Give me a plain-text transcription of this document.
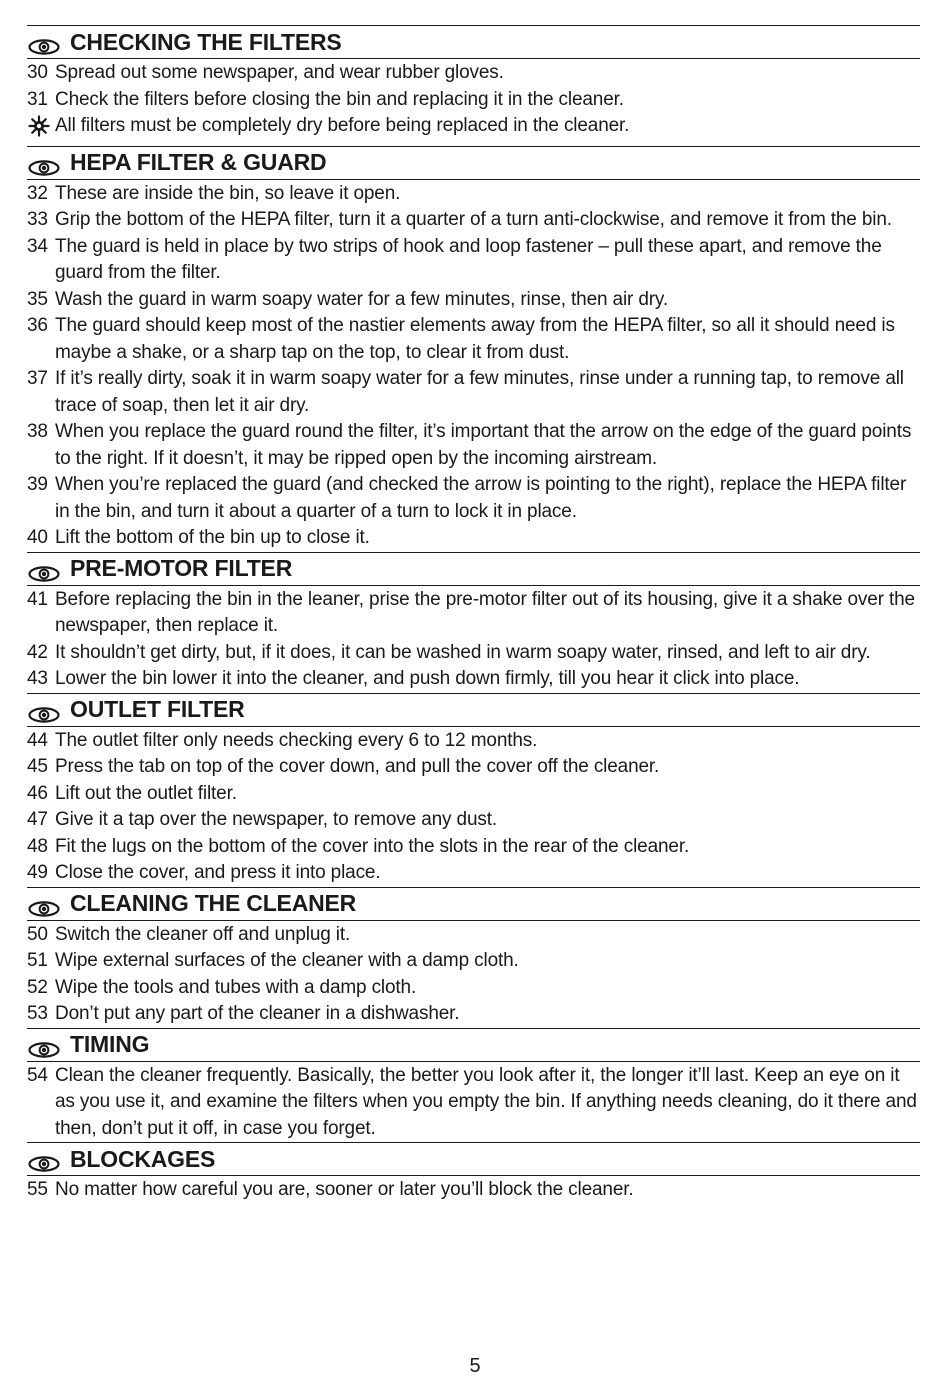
CHECKING THE FILTERS
30 Spread out some newspaper, and wear rubber gloves.
31 Check the filters before closing the bin and replacing it in the cleaner.
All filters must be completely dry before being replaced in the cleaner.
HEPA FILTER & GUARD
32 These are inside the bin, so leave it open.
33 Grip the bottom of the HEPA filter, turn it a quarter of a turn anti-clockwise, and remove it from the bin.
34 The guard is held in place by two strips of hook and loop fastener – pull these apart, and remove the guard from the filter.
35 Wash the guard in warm soapy water for a few minutes, rinse, then air dry.
36 The guard should keep most of the nastier elements away from the HEPA filter, so all it should need is maybe a shake, or a sharp tap on the top, to clear it from dust.
37 If it’s really dirty, soak it in warm soapy water for a few minutes, rinse under a running tap, to remove all trace of soap, then let it air dry.
38 When you replace the guard round the filter, it’s important that the arrow on the edge of the guard points to the right. If it doesn’t, it may be ripped open by the incoming airstream.
39 When you’re replaced the guard (and checked the arrow is pointing to the right), replace the HEPA filter in the bin, and turn it about a quarter of a turn to lock it in place.
40 Lift the bottom of the bin up to close it.
PRE-MOTOR FILTER
41 Before replacing the bin in the leaner, prise the pre-motor filter out of its housing, give it a shake over the newspaper, then replace it.
42 It shouldn’t get dirty, but, if it does, it can be washed in warm soapy water, rinsed, and left to air dry.
43 Lower the bin lower it into the cleaner, and push down firmly, till you hear it click into place.
OUTLET FILTER
44 The outlet filter only needs checking every 6 to 12 months.
45 Press the tab on top of the cover down, and pull the cover off the cleaner.
46 Lift out the outlet filter.
47 Give it a tap over the newspaper, to remove any dust.
48 Fit the lugs on the bottom of the cover into the slots in the rear of the cleaner.
49 Close the cover, and press it into place.
CLEANING THE CLEANER
50 Switch the cleaner off and unplug it.
51 Wipe external surfaces of the cleaner with a damp cloth.
52 Wipe the tools and tubes with a damp cloth.
53 Don’t put any part of the cleaner in a dishwasher.
TIMING
54 Clean the cleaner frequently. Basically, the better you look after it, the longer it’ll last. Keep an eye on it as you use it, and examine the filters when you empty the bin. If anything needs cleaning, do it there and then, don’t put it off, in case you forget.
BLOCKAGES
55 No matter how careful you are, sooner or later you’ll block the cleaner.
5
